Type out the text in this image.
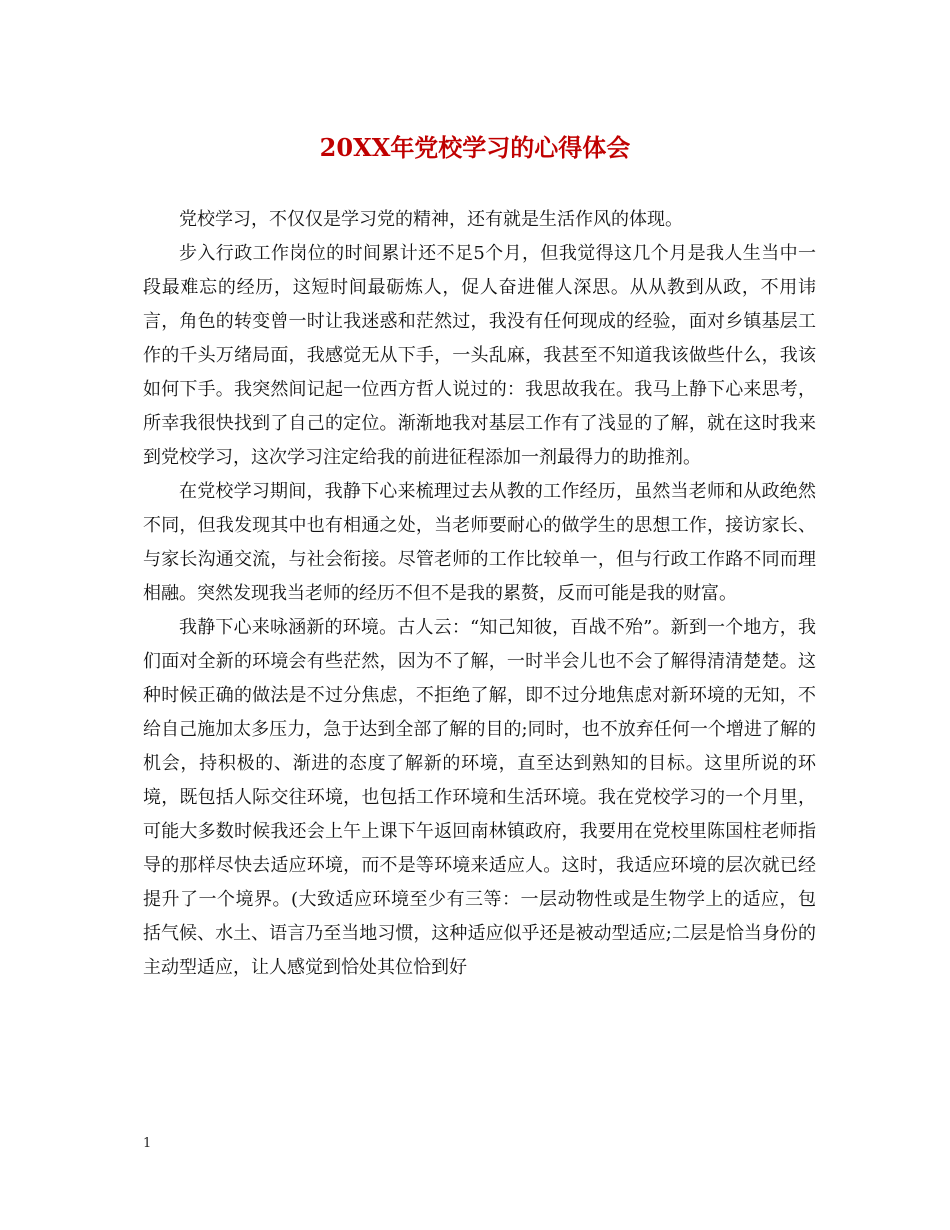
20XX年党校学习的心得体会

党校学习，不仅仅是学习党的精神，还有就是生活作风的体现。

步入行政工作岗位的时间累计还不足5个月，但我觉得这几个月是我人生当中一段最难忘的经历，这短时间最砺炼人，促人奋进催人深思。从从教到从政，不用讳言，角色的转变曾一时让我迷惑和茫然过，我没有任何现成的经验，面对乡镇基层工作的千头万绪局面，我感觉无从下手，一头乱麻，我甚至不知道我该做些什么，我该如何下手。我突然间记起一位西方哲人说过的：我思故我在。我马上静下心来思考，所幸我很快找到了自己的定位。渐渐地我对基层工作有了浅显的了解，就在这时我来到党校学习，这次学习注定给我的前进征程添加一剂最得力的助推剂。

在党校学习期间，我静下心来梳理过去从教的工作经历，虽然当老师和从政绝然不同，但我发现其中也有相通之处，当老师要耐心的做学生的思想工作，接访家长、与家长沟通交流，与社会衔接。尽管老师的工作比较单一，但与行政工作路不同而理相融。突然发现我当老师的经历不但不是我的累赘，反而可能是我的财富。

我静下心来咏涵新的环境。古人云：“知己知彼，百战不殆”。新到一个地方，我们面对全新的环境会有些茫然，因为不了解，一时半会儿也不会了解得清清楚楚。这种时候正确的做法是不过分焦虑，不拒绝了解，即不过分地焦虑对新环境的无知，不给自己施加太多压力，急于达到全部了解的目的;同时，也不放弃任何一个增进了解的机会，持积极的、渐进的态度了解新的环境，直至达到熟知的目标。这里所说的环境，既包括人际交往环境，也包括工作环境和生活环境。我在党校学习的一个月里，可能大多数时候我还会上午上课下午返回南林镇政府，我要用在党校里陈国柱老师指导的那样尽快去适应环境，而不是等环境来适应人。这时，我适应环境的层次就已经提升了一个境界。(大致适应环境至少有三等：一层动物性或是生物学上的适应，包括气候、水土、语言乃至当地习惯，这种适应似乎还是被动型适应;二层是恰当身份的主动型适应，让人感觉到恰处其位恰到好

1
